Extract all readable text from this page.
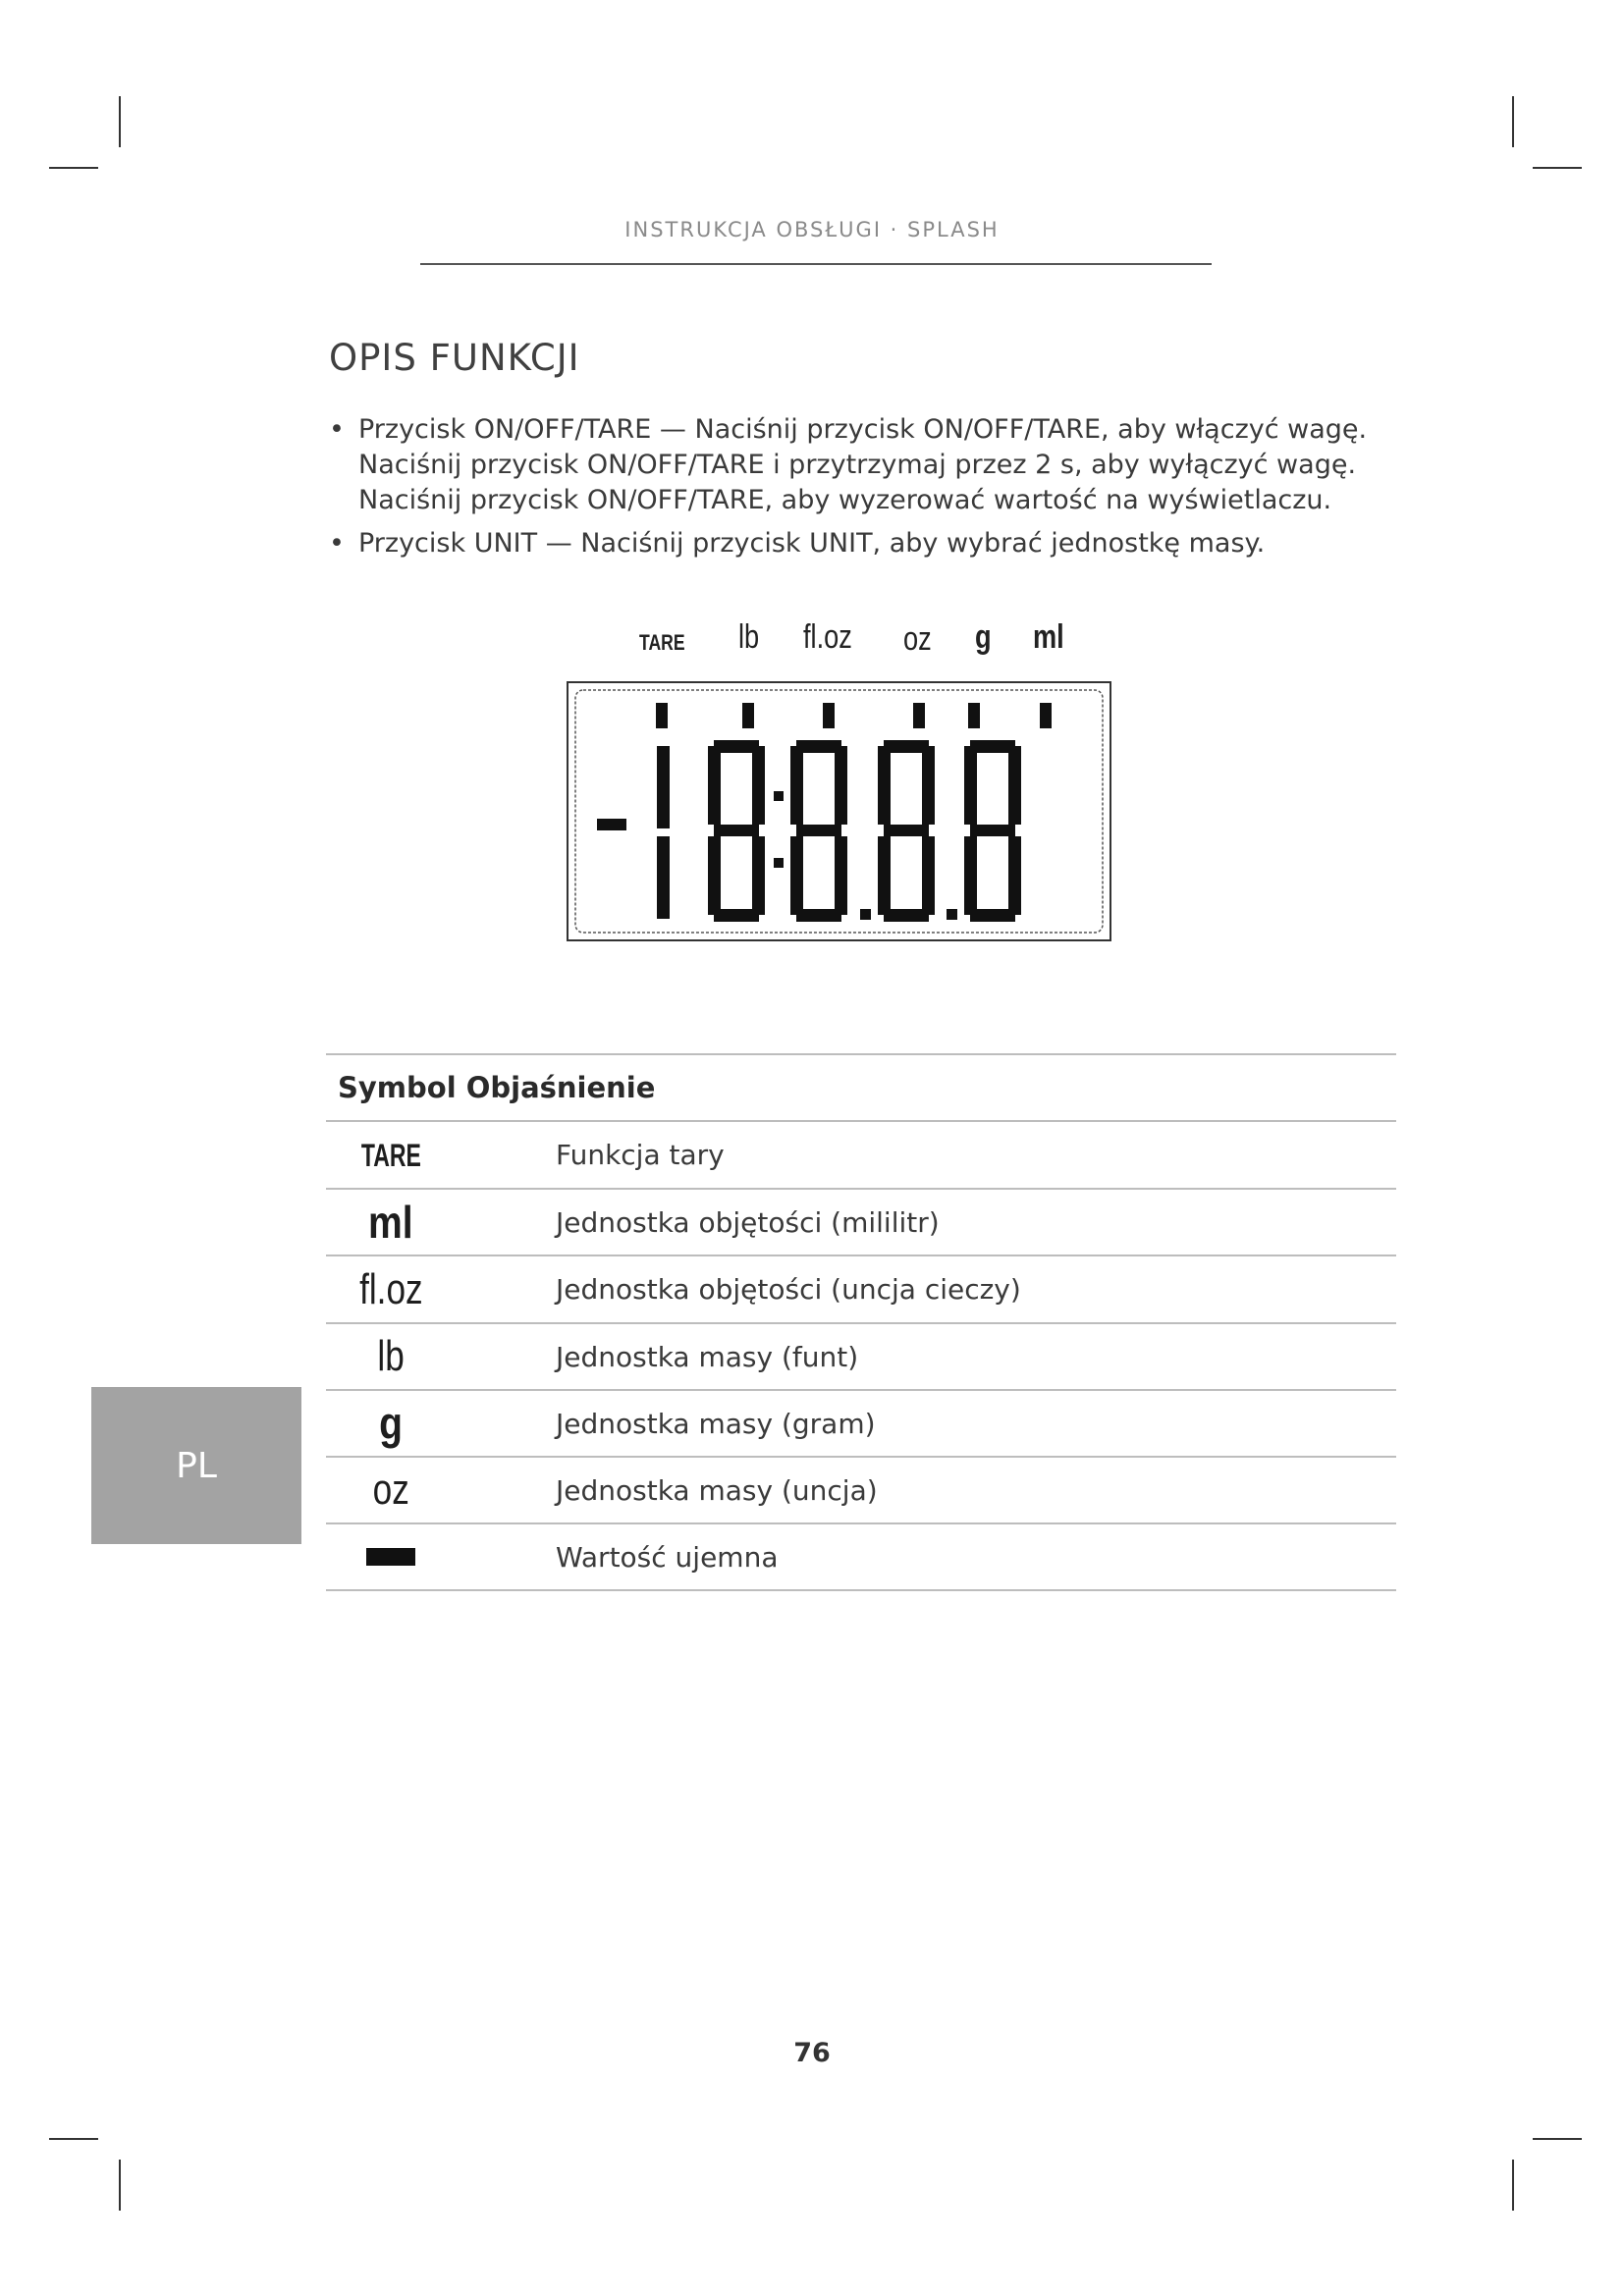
INSTRUKCJA OBSŁUGI · SPLASH
OPIS FUNKCJI
• Przycisk ON/OFF/TARE — Naciśnij przycisk ON/OFF/TARE, aby włączyć wagę.
Naciśnij przycisk ON/OFF/TARE i przytrzymaj przez 2 s, aby wyłączyć wagę.
Naciśnij przycisk ON/OFF/TARE, aby wyzerować wartość na wyświetlaczu.
• Przycisk UNIT — Naciśnij przycisk UNIT, aby wybrać jednostkę masy.
TARE lb fl.oz oz g ml
Symbol Objaśnienie
TARE	Funkcja tary
ml	Jednostka objętości (mililitr)
fl.oz	Jednostka objętości (uncja cieczy)
lb	Jednostka masy (funt)
g	Jednostka masy (gram)
oz	Jednostka masy (uncja)
Wartość ujemna
PL
76
